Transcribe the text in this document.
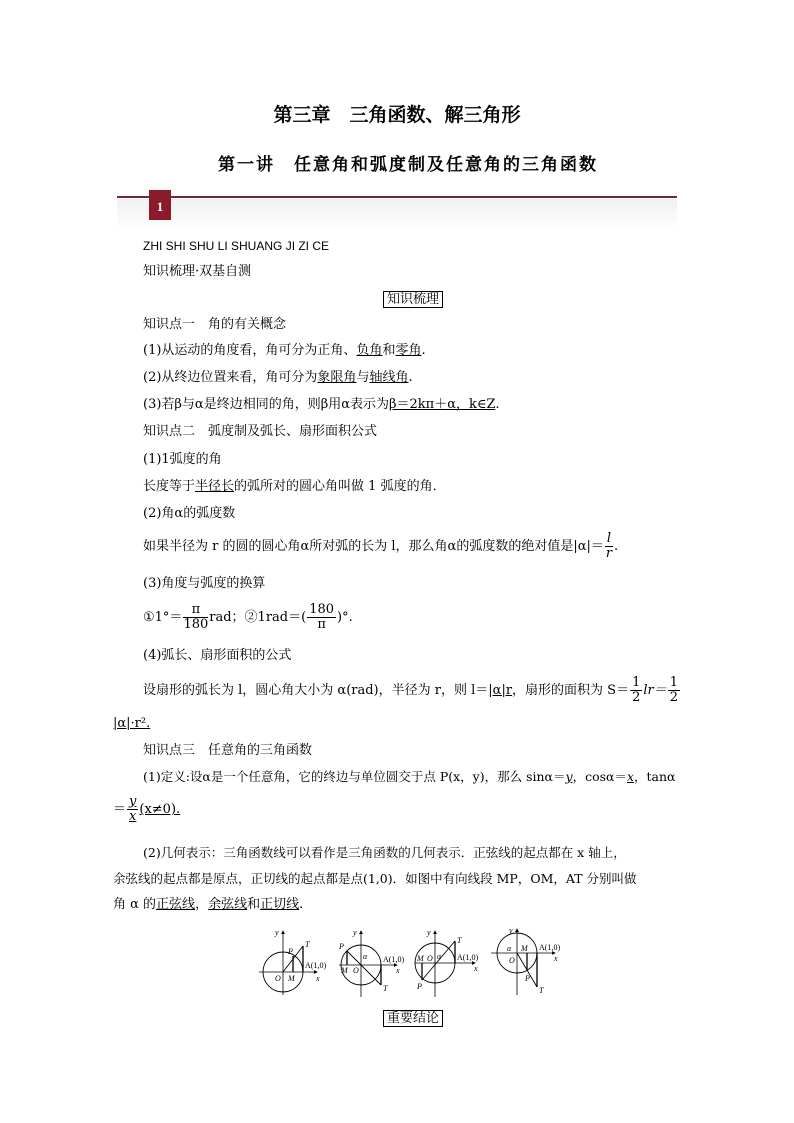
第三章　三角函数、解三角形
第一讲　任意角和弧度制及任意角的三角函数
1
ZHI SHI SHU LI SHUANG JI ZI CE
知识梳理·双基自测
知识梳理
知识点一　角的有关概念
(1)从运动的角度看，角可分为正角、负角和零角.
(2)从终边位置来看，角可分为象限角与轴线角.
(3)若β与α是终边相同的角，则β用α表示为β＝2kπ＋α，k∈Z.
知识点二　弧度制及弧长、扇形面积公式
(1)1弧度的角
长度等于半径长的弧所对的圆心角叫做 1 弧度的角．
(2)角α的弧度数
如果半径为 r 的圆的圆心角α所对弧的长为 l，那么角α的弧度数的绝对值是$|\alpha|= \frac{l}{r}$ .
(3)角度与弧度的换算
①1°＝ $\frac{\pi}{180}$ rad；②1rad＝( $\frac{180}{\pi}$ )°.
(4)弧长、扇形面积的公式
设扇形的弧长为 l，圆心角大小为 α(rad)，半径为 r，则 l＝|α|r，扇形的面积为 $S= \frac{1}{2} lr= \frac{1}{2}$
|α|·r².
知识点三　任意角的三角函数
(1)定义:设α是一个任意角，它的终边与单位圆交于点 P(x，y)，那么 sinα＝y，cosα＝x，tanα
＝ $\frac{y}{x} (x\ne 0)$.
(2)几何表示：三角函数线可以看作是三角函数的几何表示．正弦线的起点都在 x 轴上，
余弦线的起点都是原点，正切线的起点都是点(1,0)．如图中有向线段 MP，OM，AT 分别叫做
角 α 的正弦线，余弦线和正切线.
y
x
O M
P
T
A(1,0)
y
x
P
M O
α
T
A(1,0)
y
x
M O α
P
T
A(1,0)
y
x
α M
O
P
T
A(1,0)
重要结论
